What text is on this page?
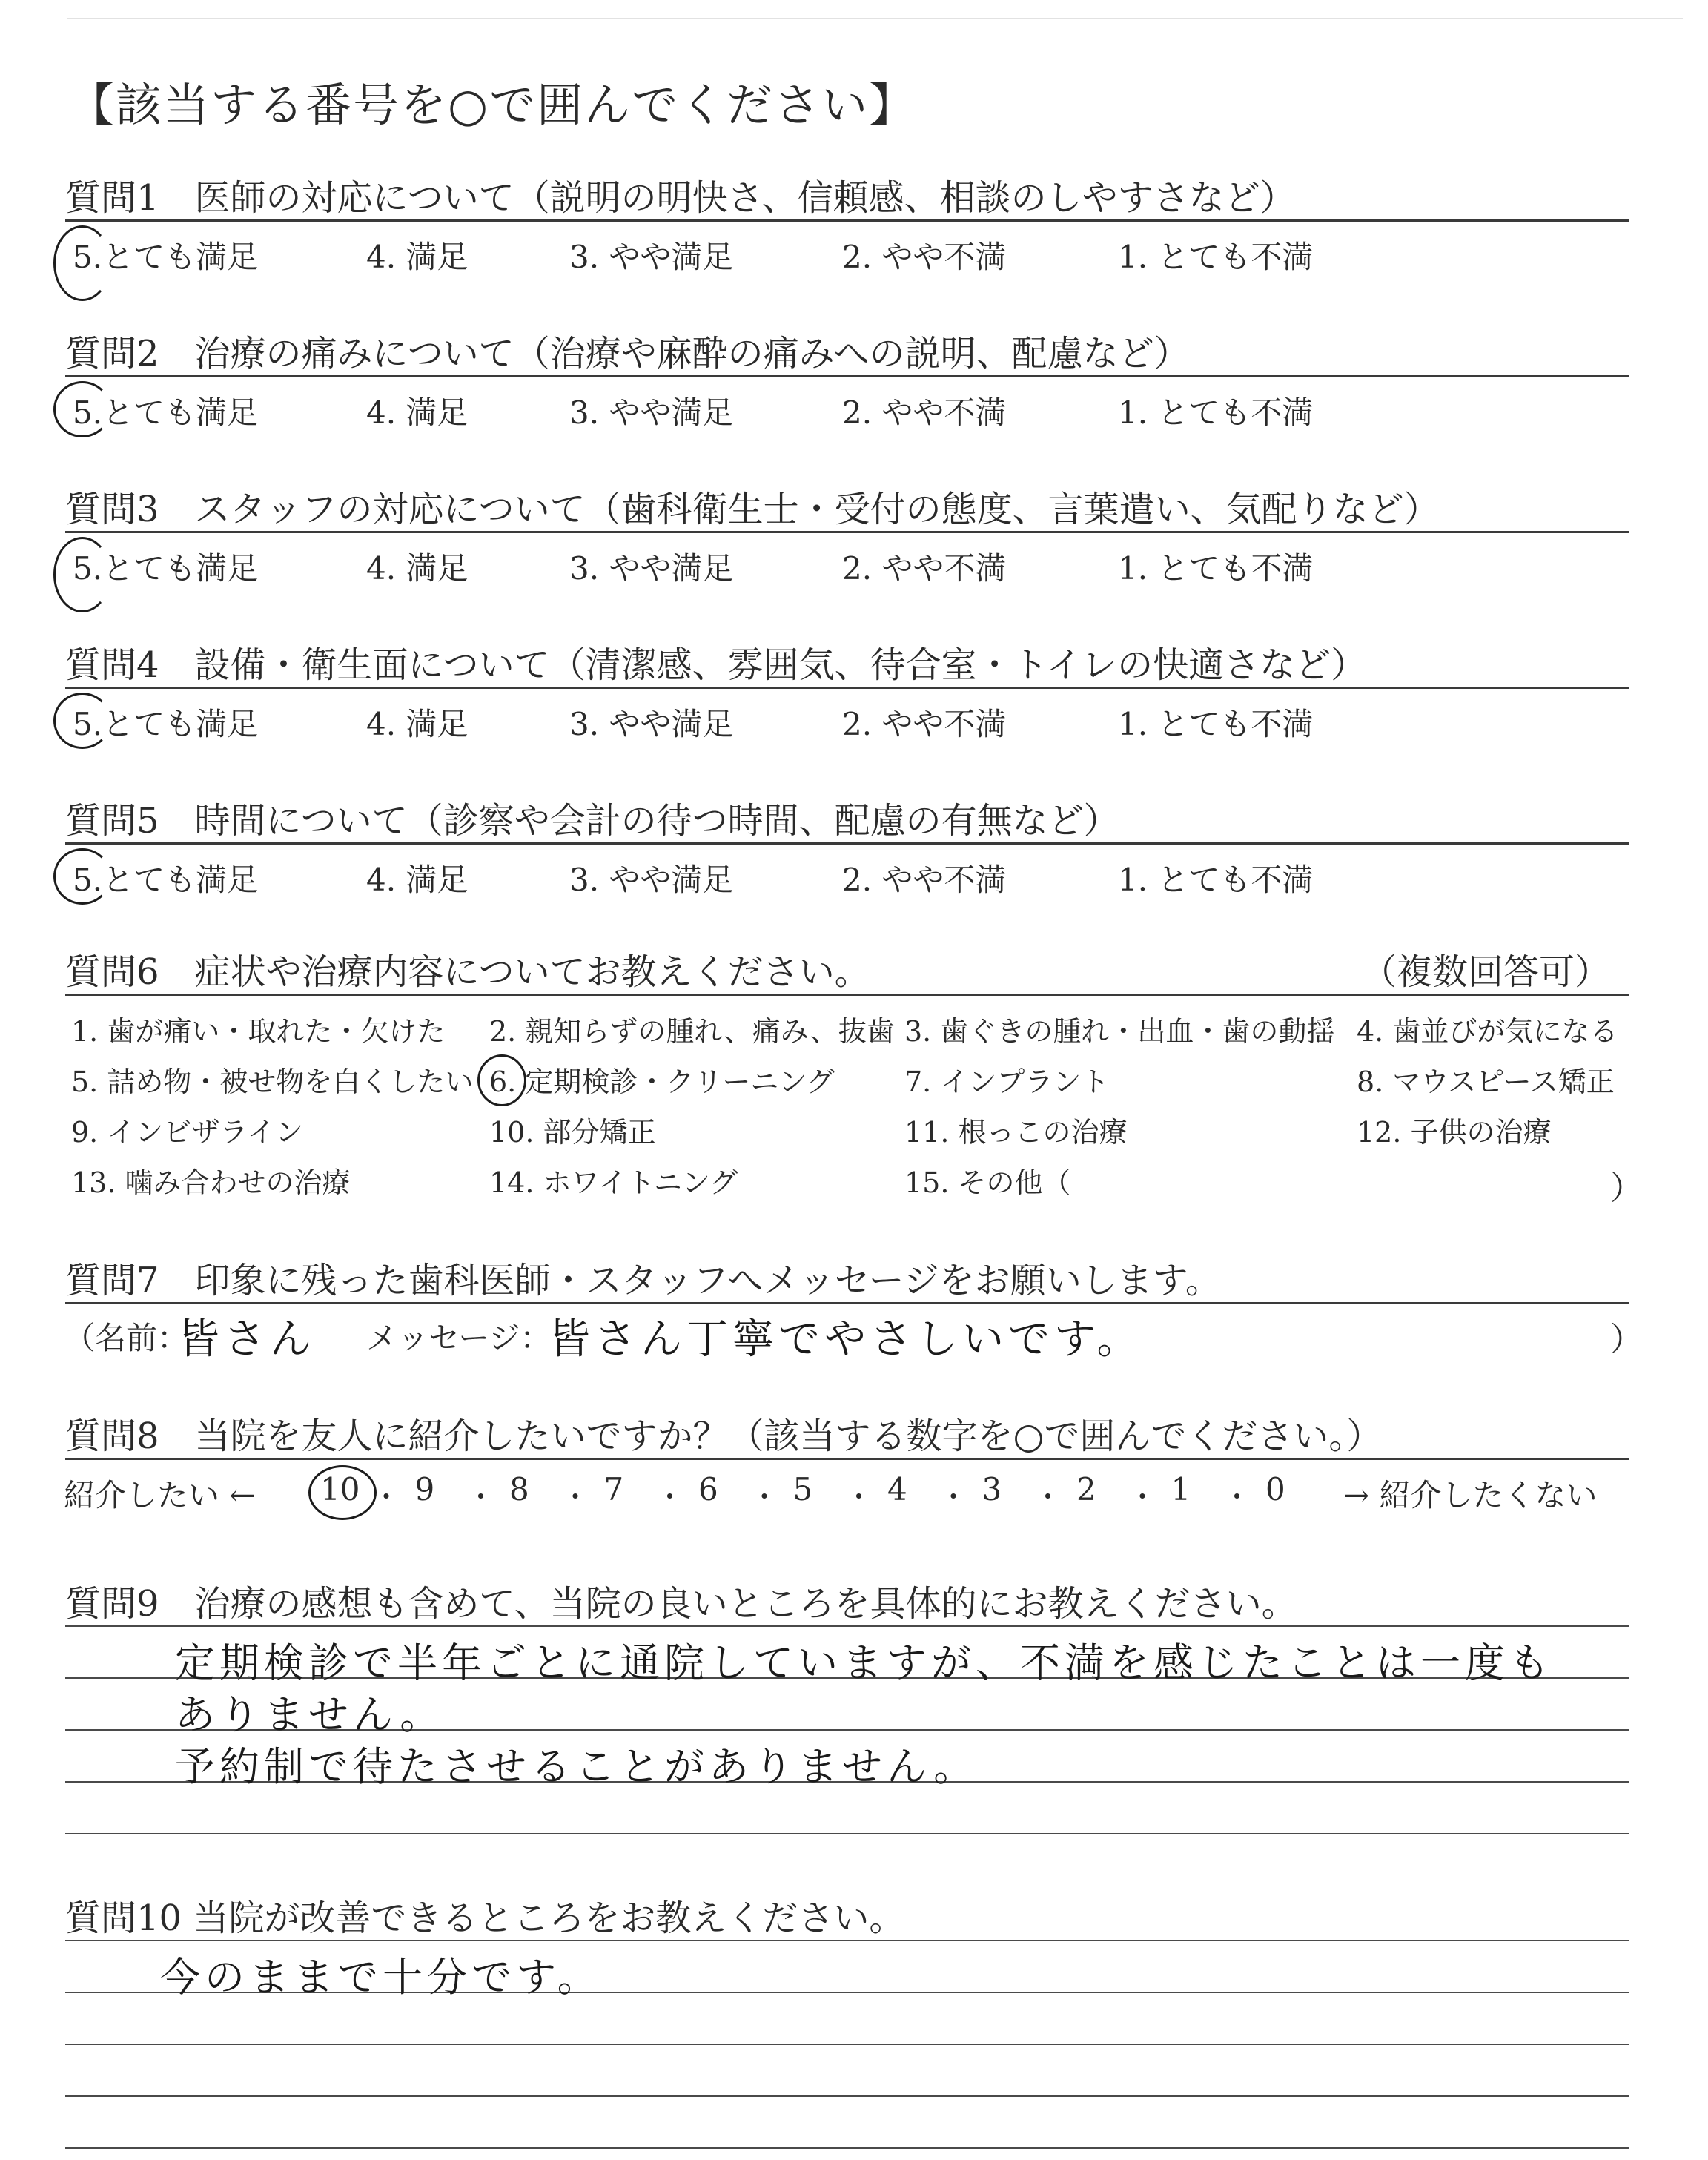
【該当する番号を○で囲んでください】
質問1　医師の対応について（説明の明快さ、信頼感、相談のしやすさなど）
5.とても満足	4. 満足	3. やや満足	2. やや不満	1. とても不満
質問2　治療の痛みについて（治療や麻酔の痛みへの説明、配慮など）
5.とても満足	4. 満足	3. やや満足	2. やや不満	1. とても不満
質問3　スタッフの対応について（歯科衛生士・受付の態度、言葉遣い、気配りなど）
5.とても満足	4. 満足	3. やや満足	2. やや不満	1. とても不満
質問4　設備・衛生面について（清潔感、雰囲気、待合室・トイレの快適さなど）
5.とても満足	4. 満足	3. やや満足	2. やや不満	1. とても不満
質問5　時間について（診察や会計の待つ時間、配慮の有無など）
5.とても満足	4. 満足	3. やや満足	2. やや不満	1. とても不満
質問6　症状や治療内容についてお教えください。	（複数回答可）
1. 歯が痛い・取れた・欠けた 2. 親知らずの腫れ、痛み、抜歯 3. 歯ぐきの腫れ・出血・歯の動揺 4. 歯並びが気になる
5. 詰め物・被せ物を白くしたい 6. 定期検診・クリーニング 7. インプラント	8. マウスピース矯正
9. インビザライン	10. 部分矯正	11. 根っこの治療	12. 子供の治療
13. 噛み合わせの治療	14. ホワイトニング	15. その他（	）
質問7　印象に残った歯科医師・スタッフへメッセージをお願いします。
（名前：
皆さん メッセージ：
皆さん丁寧でやさしいです。	）
質問8　当院を友人に紹介したいですか？（該当する数字を○で囲んでください。）
紹介したい ←	→ 紹介したくない
10 ・ 9 ・ 8 ・ 7 ・ 6 ・ 5 ・ 4 ・ 3 ・ 2 ・ 1 ・ 0
質問9　治療の感想も含めて、当院の良いところを具体的にお教えください。
定期検診で半年ごとに通院していますが、不満を感じたことは一度も
ありません。
予約制で待たさせることがありません。
質問10 当院が改善できるところをお教えください。
今のままで十分です。
